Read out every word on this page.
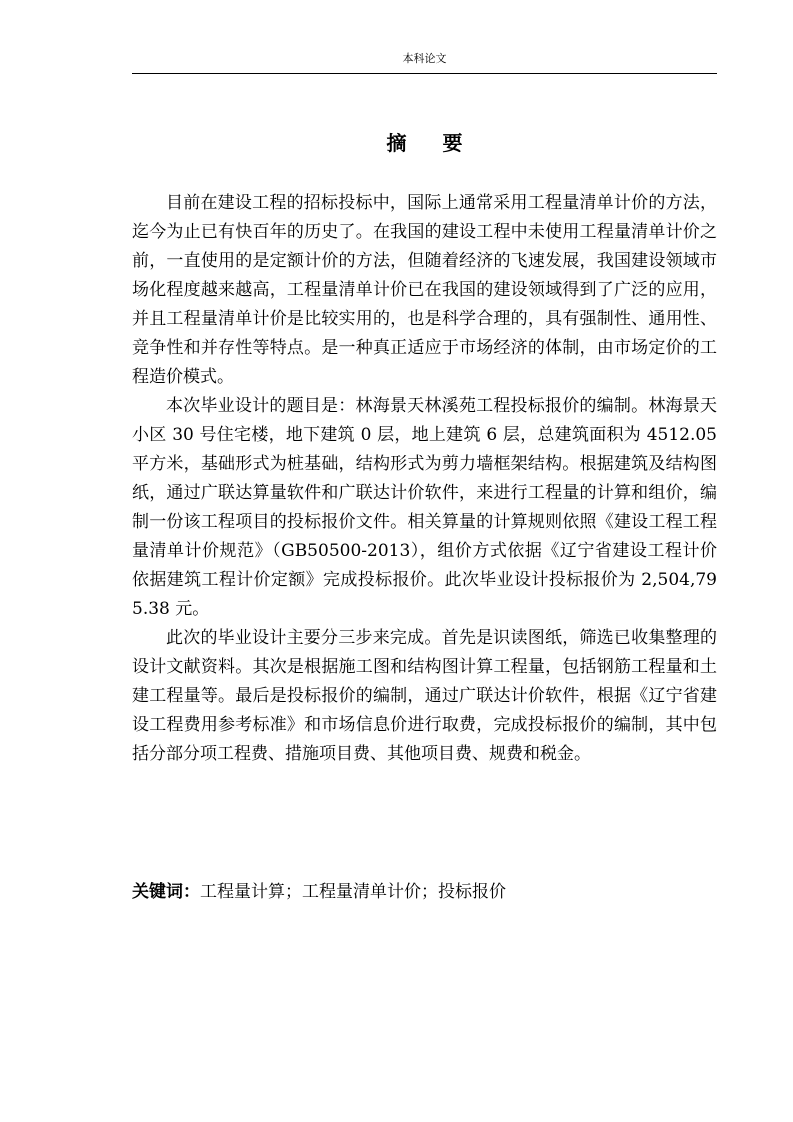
本科论文
摘要

目前在建设工程的招标投标中，国际上通常采用工程量清单计价的方法，迄今为止已有快百年的历史了。在我国的建设工程中未使用工程量清单计价之前，一直使用的是定额计价的方法，但随着经济的飞速发展，我国建设领域市场化程度越来越高，工程量清单计价已在我国的建设领域得到了广泛的应用，并且工程量清单计价是比较实用的，也是科学合理的，具有强制性、通用性、竞争性和并存性等特点。是一种真正适应于市场经济的体制，由市场定价的工程造价模式。

本次毕业设计的题目是：林海景天林溪苑工程投标报价的编制。林海景天小区 30 号住宅楼，地下建筑 0 层，地上建筑 6 层，总建筑面积为 4512.05 平方米，基础形式为桩基础，结构形式为剪力墙框架结构。根据建筑及结构图纸，通过广联达算量软件和广联达计价软件，来进行工程量的计算和组价，编制一份该工程项目的投标报价文件。相关算量的计算规则依照《建设工程工程量清单计价规范》（GB50500-2013），组价方式依据《辽宁省建设工程计价依据建筑工程计价定额》完成投标报价。此次毕业设计投标报价为 2,504,795.38 元。

此次的毕业设计主要分三步来完成。首先是识读图纸，筛选已收集整理的设计文献资料。其次是根据施工图和结构图计算工程量，包括钢筋工程量和土建工程量等。最后是投标报价的编制，通过广联达计价软件，根据《辽宁省建设工程费用参考标准》和市场信息价进行取费，完成投标报价的编制，其中包括分部分项工程费、措施项目费、其他项目费、规费和税金。

关键词：工程量计算；工程量清单计价；投标报价
